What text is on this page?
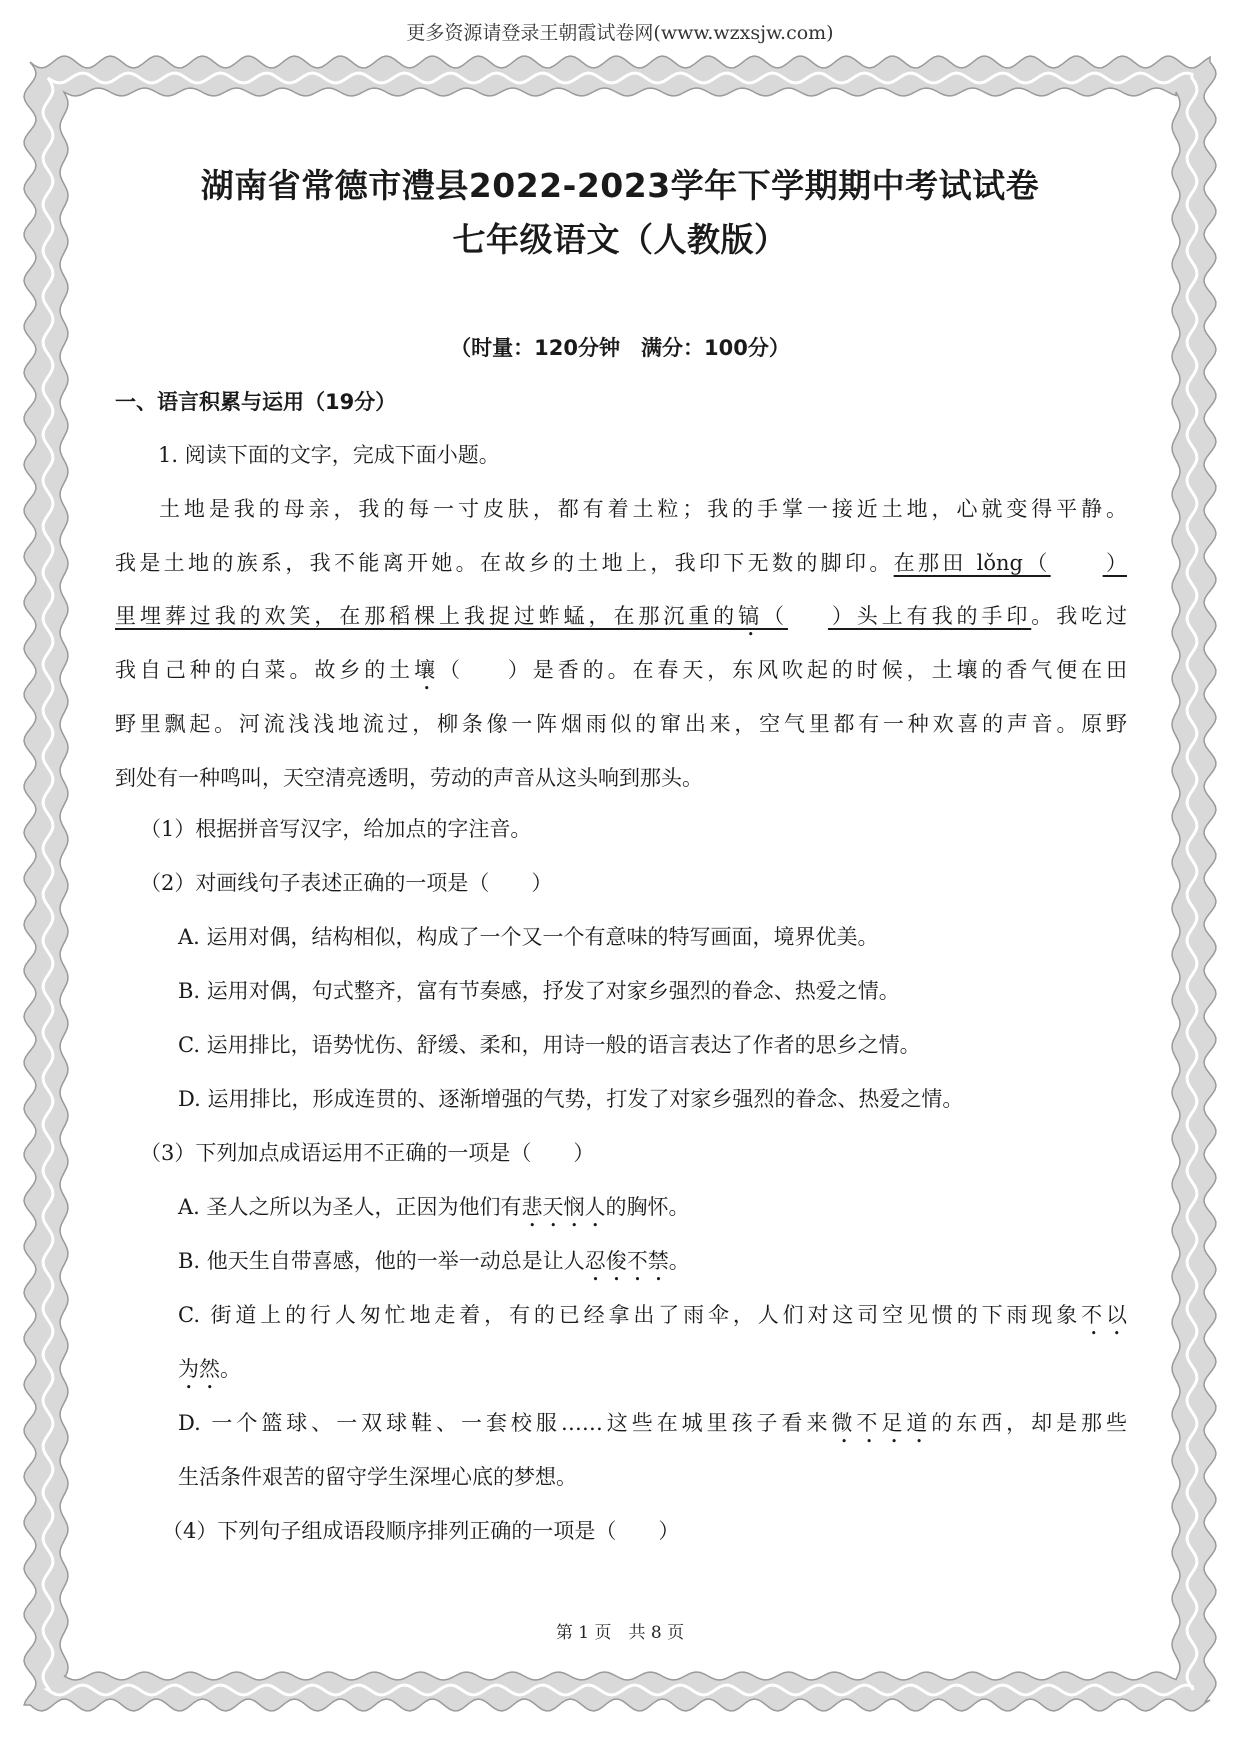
更多资源请登录王朝霞试卷网(www.wzxsjw.com)
湖南省常德市澧县2022-2023学年下学期期中考试试卷
七年级语文（人教版）
（时量：120分钟　满分：100分）
一、语言积累与运用（19分）
1. 阅读下面的文字，完成下面小题。
土地是我的母亲，我的每一寸皮肤，都有着土粒；我的手掌一接近土地，心就变得平静。
我是土地的族系，我不能离开她。在故乡的土地上，我印下无数的脚印。在那田 lǒng（ ）
里埋葬过我的欢笑，在那稻棵上我捉过蚱蜢，在那沉重的镐（ ）头上有我的手印。我吃过
我自己种的白菜。故乡的土壤（ ）是香的。在春天，东风吹起的时候，土壤的香气便在田
野里飘起。河流浅浅地流过，柳条像一阵烟雨似的窜出来，空气里都有一种欢喜的声音。原野
到处有一种鸣叫，天空清亮透明，劳动的声音从这头响到那头。
（1）根据拼音写汉字，给加点的字注音。
（2）对画线句子表述正确的一项是（　　）
A. 运用对偶，结构相似，构成了一个又一个有意味的特写画面，境界优美。
B. 运用对偶，句式整齐，富有节奏感，抒发了对家乡强烈的眷念、热爱之情。
C. 运用排比，语势忧伤、舒缓、柔和，用诗一般的语言表达了作者的思乡之情。
D. 运用排比，形成连贯的、逐渐增强的气势，打发了对家乡强烈的眷念、热爱之情。
（3）下列加点成语运用不正确的一项是（　　）
A. 圣人之所以为圣人，正因为他们有悲天悯人的胸怀。
B. 他天生自带喜感，他的一举一动总是让人忍俊不禁。
C. 街道上的行人匆忙地走着，有的已经拿出了雨伞，人们对这司空见惯的下雨现象不以
为然。
D. 一个篮球、一双球鞋、一套校服……这些在城里孩子看来微不足道的东西，却是那些
生活条件艰苦的留守学生深埋心底的梦想。
（4）下列句子组成语段顺序排列正确的一项是（　　）
第 1 页　共 8 页
